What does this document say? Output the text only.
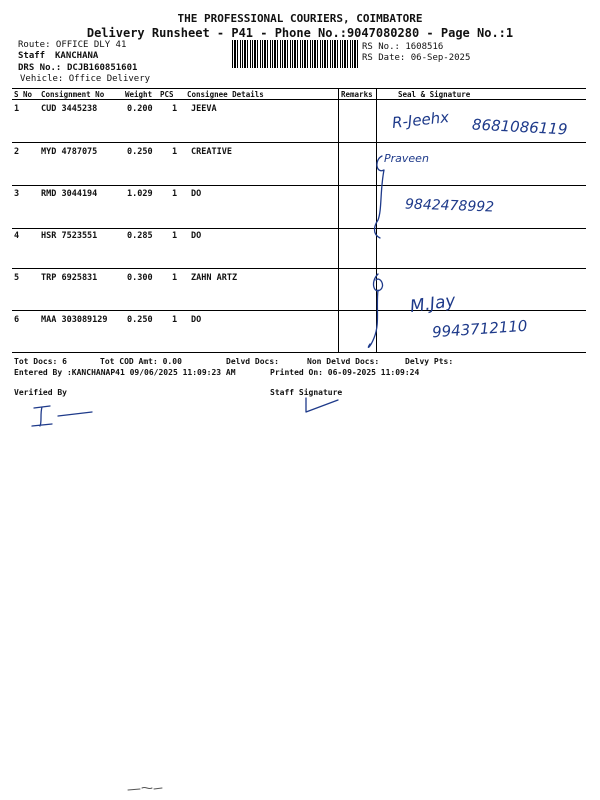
THE PROFESSIONAL COURIERS, COIMBATORE
Delivery Runsheet - P41 - Phone No.:9047080280 - Page No.:1
Route: OFFICE DLY 41
Staff KANCHANA
DRS No.: DCJB160851601
Vehicle: Office Delivery
RS No.: 1608516
RS Date: 06-Sep-2025
S No Consignment No	Weight PCS Consignee Details	Remarks	Seal & Signature
1	CUD 3445238	0.200 1 JEEVA
2	MYD 4787075	0.250 1 CREATIVE
3	RMD 3044194	1.029 1 DO
4	HSR 7523551	0.285 1 DO
5	TRP 6925831	0.300 1 ZAHN ARTZ
6	MAA 303089129 0.250 1 DO
R-Jeehx 8681086119
Praveen
9842478992
M.Jay
9943712110
Tot Docs: 6	Tot COD Amt: 0.00	Delvd Docs:	Non Delvd Docs:	Delvy Pts:
Entered By :KANCHANAP41 09/06/2025 11:09:23 AM	Printed On: 06-09-2025 11:09:24
Verified By	Staff Signature
